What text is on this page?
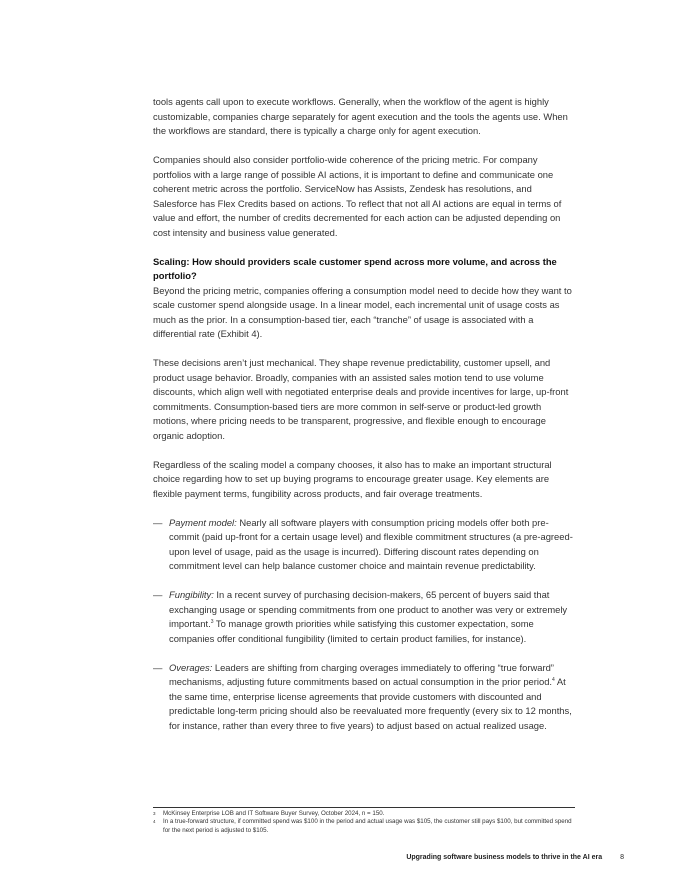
tools agents call upon to execute workflows. Generally, when the workflow of the agent is highly customizable, companies charge separately for agent execution and the tools the agents use. When the workflows are standard, there is typically a charge only for agent execution.

Companies should also consider portfolio-wide coherence of the pricing metric. For company portfolios with a large range of possible AI actions, it is important to define and communicate one coherent metric across the portfolio. ServiceNow has Assists, Zendesk has resolutions, and Salesforce has Flex Credits based on actions. To reflect that not all AI actions are equal in terms of value and effort, the number of credits decremented for each action can be adjusted depending on cost intensity and business value generated.

Scaling: How should providers scale customer spend across more volume, and across the portfolio?

Beyond the pricing metric, companies offering a consumption model need to decide how they want to scale customer spend alongside usage. In a linear model, each incremental unit of usage costs as much as the prior. In a consumption-based tier, each “tranche” of usage is associated with a differential rate (Exhibit 4).

These decisions aren’t just mechanical. They shape revenue predictability, customer upsell, and product usage behavior. Broadly, companies with an assisted sales motion tend to use volume discounts, which align well with negotiated enterprise deals and provide incentives for large, up-front commitments. Consumption-based tiers are more common in self-serve or product-led growth motions, where pricing needs to be transparent, progressive, and flexible enough to encourage organic adoption.

Regardless of the scaling model a company chooses, it also has to make an important structural choice regarding how to set up buying programs to encourage greater usage. Key elements are flexible payment terms, fungibility across products, and fair overage treatments.

— Payment model: Nearly all software players with consumption pricing models offer both pre-commit (paid up-front for a certain usage level) and flexible commitment structures (a pre-agreed-upon level of usage, paid as the usage is incurred). Differing discount rates depending on commitment level can help balance customer choice and maintain revenue predictability.
— Fungibility: In a recent survey of purchasing decision-makers, 65 percent of buyers said that exchanging usage or spending commitments from one product to another was very or extremely important.$^3$ To manage growth priorities while satisfying this customer expectation, some companies offer conditional fungibility (limited to certain product families, for instance).
— Overages: Leaders are shifting from charging overages immediately to offering “true forward” mechanisms, adjusting future commitments based on actual consumption in the prior period.$^4$ At the same time, enterprise license agreements that provide customers with discounted and predictable long-term pricing should also be reevaluated more frequently (every six to 12 months, for instance, rather than every three to five years) to adjust based on actual realized usage.
3	McKinsey Enterprise LOB and IT Software Buyer Survey, October 2024, n = 150.
4	In a true-forward structure, if committed spend was $100 in the period and actual usage was $105, the customer still pays $100, but committed spend for the next period is adjusted to $105.
Upgrading software business models to thrive in the AI era	8
